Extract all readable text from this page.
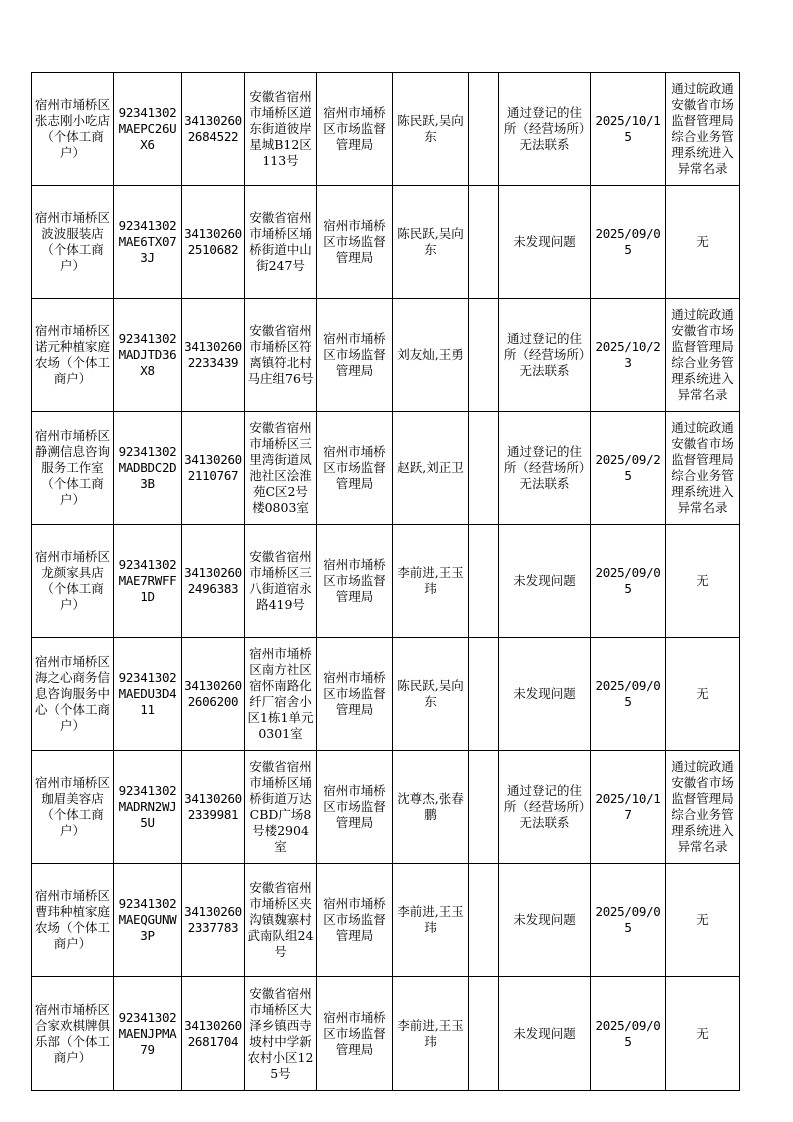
宿州市埇桥区张志刚小吃店（个体工商户）	92341302MAEPC26UX6	341302602684522	安徽省宿州市埇桥区道东街道彼岸星城B12区113号	宿州市埇桥区市场监督管理局	陈民跃,吴向东		通过登记的住所（经营场所）无法联系	2025/10/15	通过皖政通安徽省市场监督管理局综合业务管理系统进入异常名录
宿州市埇桥区波波服装店（个体工商户）	92341302MAE6TX073J	341302602510682	安徽省宿州市埇桥区埇桥街道中山街247号	宿州市埇桥区市场监督管理局	陈民跃,吴向东		未发现问题	2025/09/05	无
宿州市埇桥区诺元种植家庭农场（个体工商户）	92341302MADJTD36X8	341302602233439	安徽省宿州市埇桥区符离镇符北村马庄组76号	宿州市埇桥区市场监督管理局	刘友灿,王勇		通过登记的住所（经营场所）无法联系	2025/10/23	通过皖政通安徽省市场监督管理局综合业务管理系统进入异常名录
宿州市埇桥区静溯信息咨询服务工作室（个体工商户）	92341302MADBDC2D3B	341302602110767	安徽省宿州市埇桥区三里湾街道凤池社区浍淮苑C区2号楼0803室	宿州市埇桥区市场监督管理局	赵跃,刘正卫		通过登记的住所（经营场所）无法联系	2025/09/25	通过皖政通安徽省市场监督管理局综合业务管理系统进入异常名录
宿州市埇桥区龙颜家具店（个体工商户）	92341302MAE7RWFF1D	341302602496383	安徽省宿州市埇桥区三八街道宿永路419号	宿州市埇桥区市场监督管理局	李前进,王玉玮		未发现问题	2025/09/05	无
宿州市埇桥区海之心商务信息咨询服务中心（个体工商户）	92341302MAEDU3D411	341302602606200	宿州市埇桥区南方社区宿怀南路化纤厂宿舍小区1栋1单元0301室	宿州市埇桥区市场监督管理局	陈民跃,吴向东		未发现问题	2025/09/05	无
宿州市埇桥区珈眉美容店（个体工商户）	92341302MADRN2WJ5U	341302602339981	安徽省宿州市埇桥区埇桥街道万达CBD广场8号楼2904室	宿州市埇桥区市场监督管理局	沈尊杰,张春鹏		通过登记的住所（经营场所）无法联系	2025/10/17	通过皖政通安徽省市场监督管理局综合业务管理系统进入异常名录
宿州市埇桥区曹玮种植家庭农场（个体工商户）	92341302MAEQGUNW3P	341302602337783	安徽省宿州市埇桥区夹沟镇魏寨村武南队组24号	宿州市埇桥区市场监督管理局	李前进,王玉玮		未发现问题	2025/09/05	无
宿州市埇桥区合家欢棋牌俱乐部（个体工商户）	92341302MAENJPMA79	341302602681704	安徽省宿州市埇桥区大泽乡镇西寺坡村中学新农村小区125号	宿州市埇桥区市场监督管理局	李前进,王玉玮		未发现问题	2025/09/05	无
